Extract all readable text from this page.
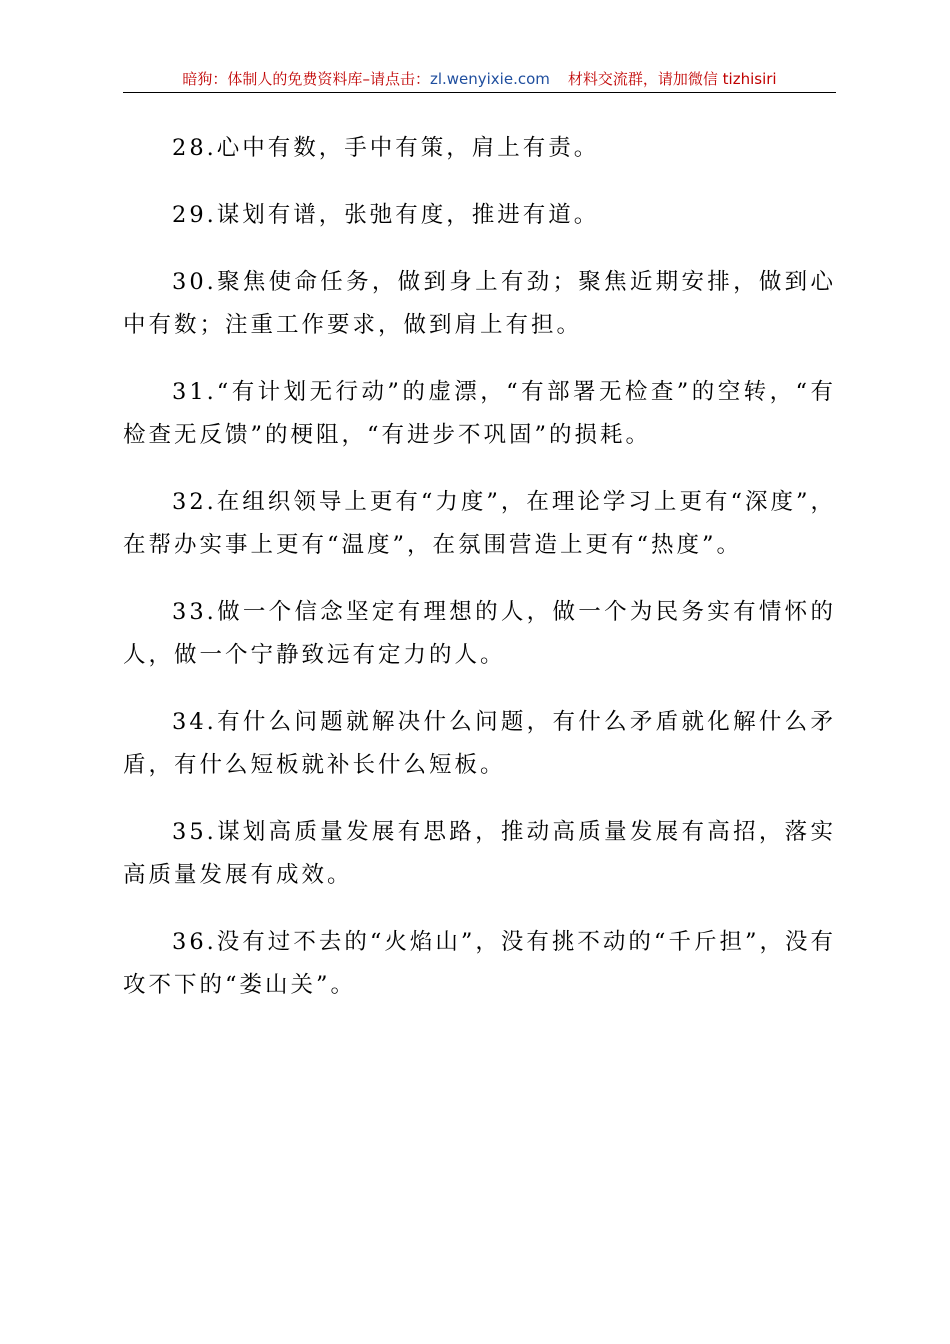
暗狗：体制人的免费资料库–请点击：zl.wenyixie.com 材料交流群，请加微信 tizhisiri

28.心中有数，手中有策，肩上有责。

29.谋划有谱，张弛有度，推进有道。

30.聚焦使命任务，做到身上有劲；聚焦近期安排，做到心中有数；注重工作要求，做到肩上有担。

31.“有计划无行动”的虚漂，“有部署无检查”的空转，“有检查无反馈”的梗阻，“有进步不巩固”的损耗。

32.在组织领导上更有“力度”，在理论学习上更有“深度”，在帮办实事上更有“温度”，在氛围营造上更有“热度”。

33.做一个信念坚定有理想的人，做一个为民务实有情怀的人，做一个宁静致远有定力的人。

34.有什么问题就解决什么问题，有什么矛盾就化解什么矛盾，有什么短板就补长什么短板。

35.谋划高质量发展有思路，推动高质量发展有高招，落实高质量发展有成效。

36.没有过不去的“火焰山”，没有挑不动的“千斤担”，没有攻不下的“娄山关”。
